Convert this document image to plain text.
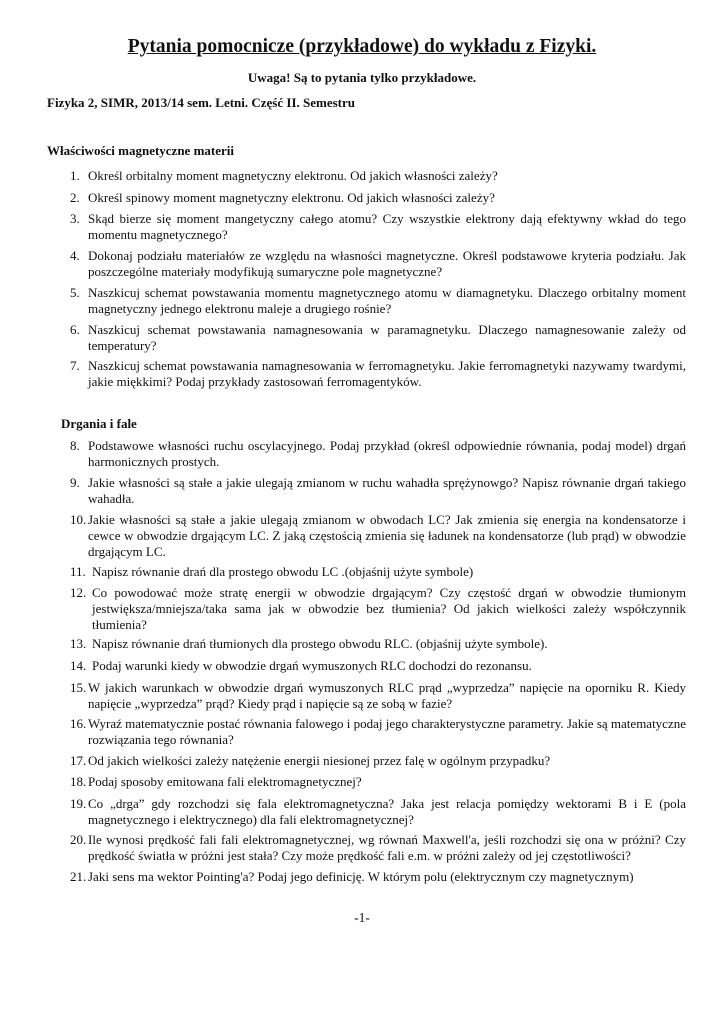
Pytania pomocnicze (przykładowe) do wykładu z Fizyki.
Uwaga! Są to pytania tylko przykładowe.
Fizyka 2, SIMR, 2013/14 sem. Letni. Część II. Semestru
Właściwości magnetyczne materii
1. Określ orbitalny moment magnetyczny elektronu. Od jakich własności zależy?
2. Określ spinowy moment magnetyczny elektronu. Od jakich własności zależy?
3. Skąd bierze się moment mangetyczny całego atomu? Czy wszystkie elektrony dają efektywny wkład do tego momentu magnetycznego?
4. Dokonaj podziału materiałów ze względu na własności magnetyczne. Określ podstawowe kryteria podziału. Jak poszczególne materiały modyfikują sumaryczne pole magnetyczne?
5. Naszkicuj schemat powstawania momentu magnetycznego atomu w diamagnetyku. Dlaczego orbitalny moment magnetyczny jednego elektronu maleje a drugiego rośnie?
6. Naszkicuj schemat powstawania namagnesowania w paramagnetyku. Dlaczego namagnesowanie zależy od temperatury?
7. Naszkicuj schemat powstawania namagnesowania w ferromagnetyku. Jakie ferromagnetyki nazywamy twardymi, jakie miękkimi? Podaj przykłady zastosowań ferromagentyków.
Drgania i fale
8. Podstawowe własności ruchu oscylacyjnego. Podaj przykład (określ odpowiednie równania, podaj model) drgań harmonicznych prostych.
9. Jakie własności są stałe a jakie ulegają zmianom w ruchu wahadła sprężynowgo? Napisz równanie drgań takiego wahadła.
10. Jakie własności są stałe a jakie ulegają zmianom w obwodach LC? Jak zmienia się energia na kondensatorze i cewce w obwodzie drgającym LC. Z jaką częstością zmienia się ładunek na kondensatorze (lub prąd) w obwodzie drgającym LC.
11. Napisz równanie drań dla prostego obwodu LC .(objaśnij użyte symbole)
12. Co powodować może stratę energii w obwodzie drgającym? Czy częstość drgań w obwodzie tłumionym jestwiększa/mniejsza/taka sama jak w obwodzie bez tłumienia? Od jakich wielkości zależy współczynnik tłumienia?
13. Napisz równanie drań tłumionych dla prostego obwodu RLC. (objaśnij użyte symbole).
14. Podaj warunki kiedy w obwodzie drgań wymuszonych RLC dochodzi do rezonansu.
15. W jakich warunkach w obwodzie drgań wymuszonych RLC prąd „wyprzedza” napięcie na oporniku R. Kiedy napięcie „wyprzedza” prąd? Kiedy prąd i napięcie są ze sobą w fazie?
16. Wyraź matematycznie postać równania falowego i podaj jego charakterystyczne parametry. Jakie są matematyczne rozwiązania tego równania?
17. Od jakich wielkości zależy natężenie energii niesionej przez falę w ogólnym przypadku?
18. Podaj sposoby emitowana fali elektromagnetycznej?
19. Co „drga” gdy rozchodzi się fala elektromagnetyczna? Jaka jest relacja pomiędzy wektorami B i E (pola magnetycznego i elektrycznego) dla fali elektromagnetycznej?
20. Ile wynosi prędkość fali fali elektromagnetycznej, wg równań Maxwell'a, jeśli rozchodzi się ona w próżni? Czy prędkość światła w próżni jest stała? Czy może prędkość fali e.m. w próżni zależy od jej częstotliwości?
21. Jaki sens ma wektor Pointing'a? Podaj jego definicję. W którym polu (elektrycznym czy magnetycznym)
-1-
